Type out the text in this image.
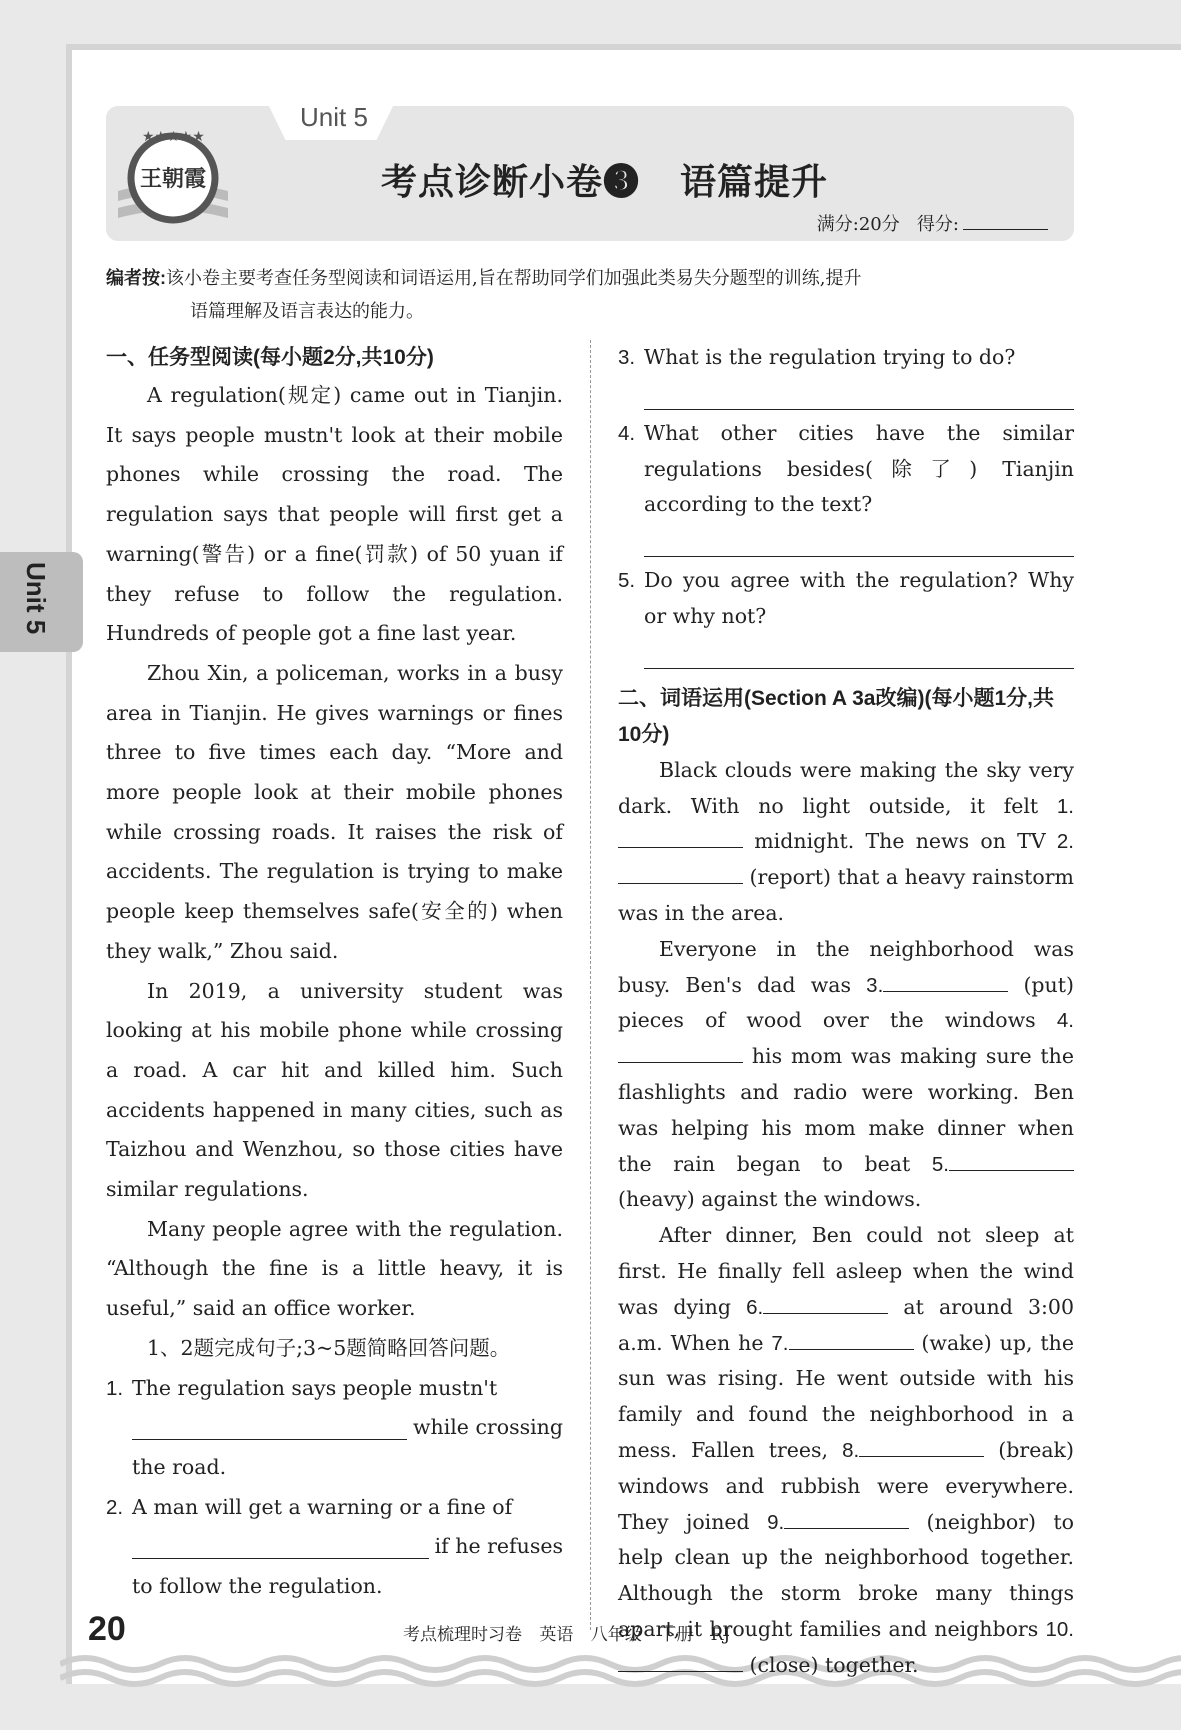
★★★★★
王朝霞
Unit 5
考点诊断小卷❸ 语篇提升
满分:20分 得分:
编者按:该小卷主要考查任务型阅读和词语运用,旨在帮助同学们加强此类易失分题型的训练,提升
语篇理解及语言表达的能力。
Unit 5
一、任务型阅读(每小题2分,共10分)
A regulation(规定) came out in Tianjin. It says people mustn't look at their mobile phones while crossing the road. The regulation says that people will first get a warning(警告) or a fine(罚款) of 50 yuan if they refuse to follow the regulation. Hundreds of people got a fine last year.
Zhou Xin, a policeman, works in a busy area in Tianjin. He gives warnings or fines three to five times each day. “More and more people look at their mobile phones while crossing roads. It raises the risk of accidents. The regulation is trying to make people keep themselves safe(安全的) when they walk,” Zhou said.
In 2019, a university student was looking at his mobile phone while crossing a road. A car hit and killed him. Such accidents happened in many cities, such as Taizhou and Wenzhou, so those cities have similar regulations.
Many people agree with the regulation. “Although the fine is a little heavy, it is useful,” said an office worker.
1、2题完成句子;3~5题简略回答问题。
1. The regulation says people mustn't
while crossing
the road.
2. A man will get a warning or a fine of
if he refuses
to follow the regulation.
3. What is the regulation trying to do?
4. What other cities have the similar regulations besides(除了) Tianjin according to the text?
5. Do you agree with the regulation? Why or why not?
二、词语运用(Section A 3a改编)(每小题1分,共10分)
Black clouds were making the sky very dark. With no light outside, it felt 1. midnight. The news on TV 2. (report) that a heavy rainstorm was in the area.
Everyone in the neighborhood was busy. Ben's dad was 3.	(put) pieces of wood over the windows 4. his mom was making sure the flashlights and radio were working. Ben was helping his mom make dinner when the rain began to beat 5. (heavy) against the windows.
After dinner, Ben could not sleep at first. He finally fell asleep when the wind was dying 6.	at around 3:00 a.m. When he 7.	(wake) up, the sun was rising. He went outside with his family and found the neighborhood in a mess. Fallen trees, 8.	(break) windows and rubbish were everywhere. They joined 9.	(neighbor) to help clean up the neighborhood together. Although the storm broke many things apart, it brought families and neighbors 10. (close) together.
20	考点梳理时习卷 英语 八年级 下册 RJ
